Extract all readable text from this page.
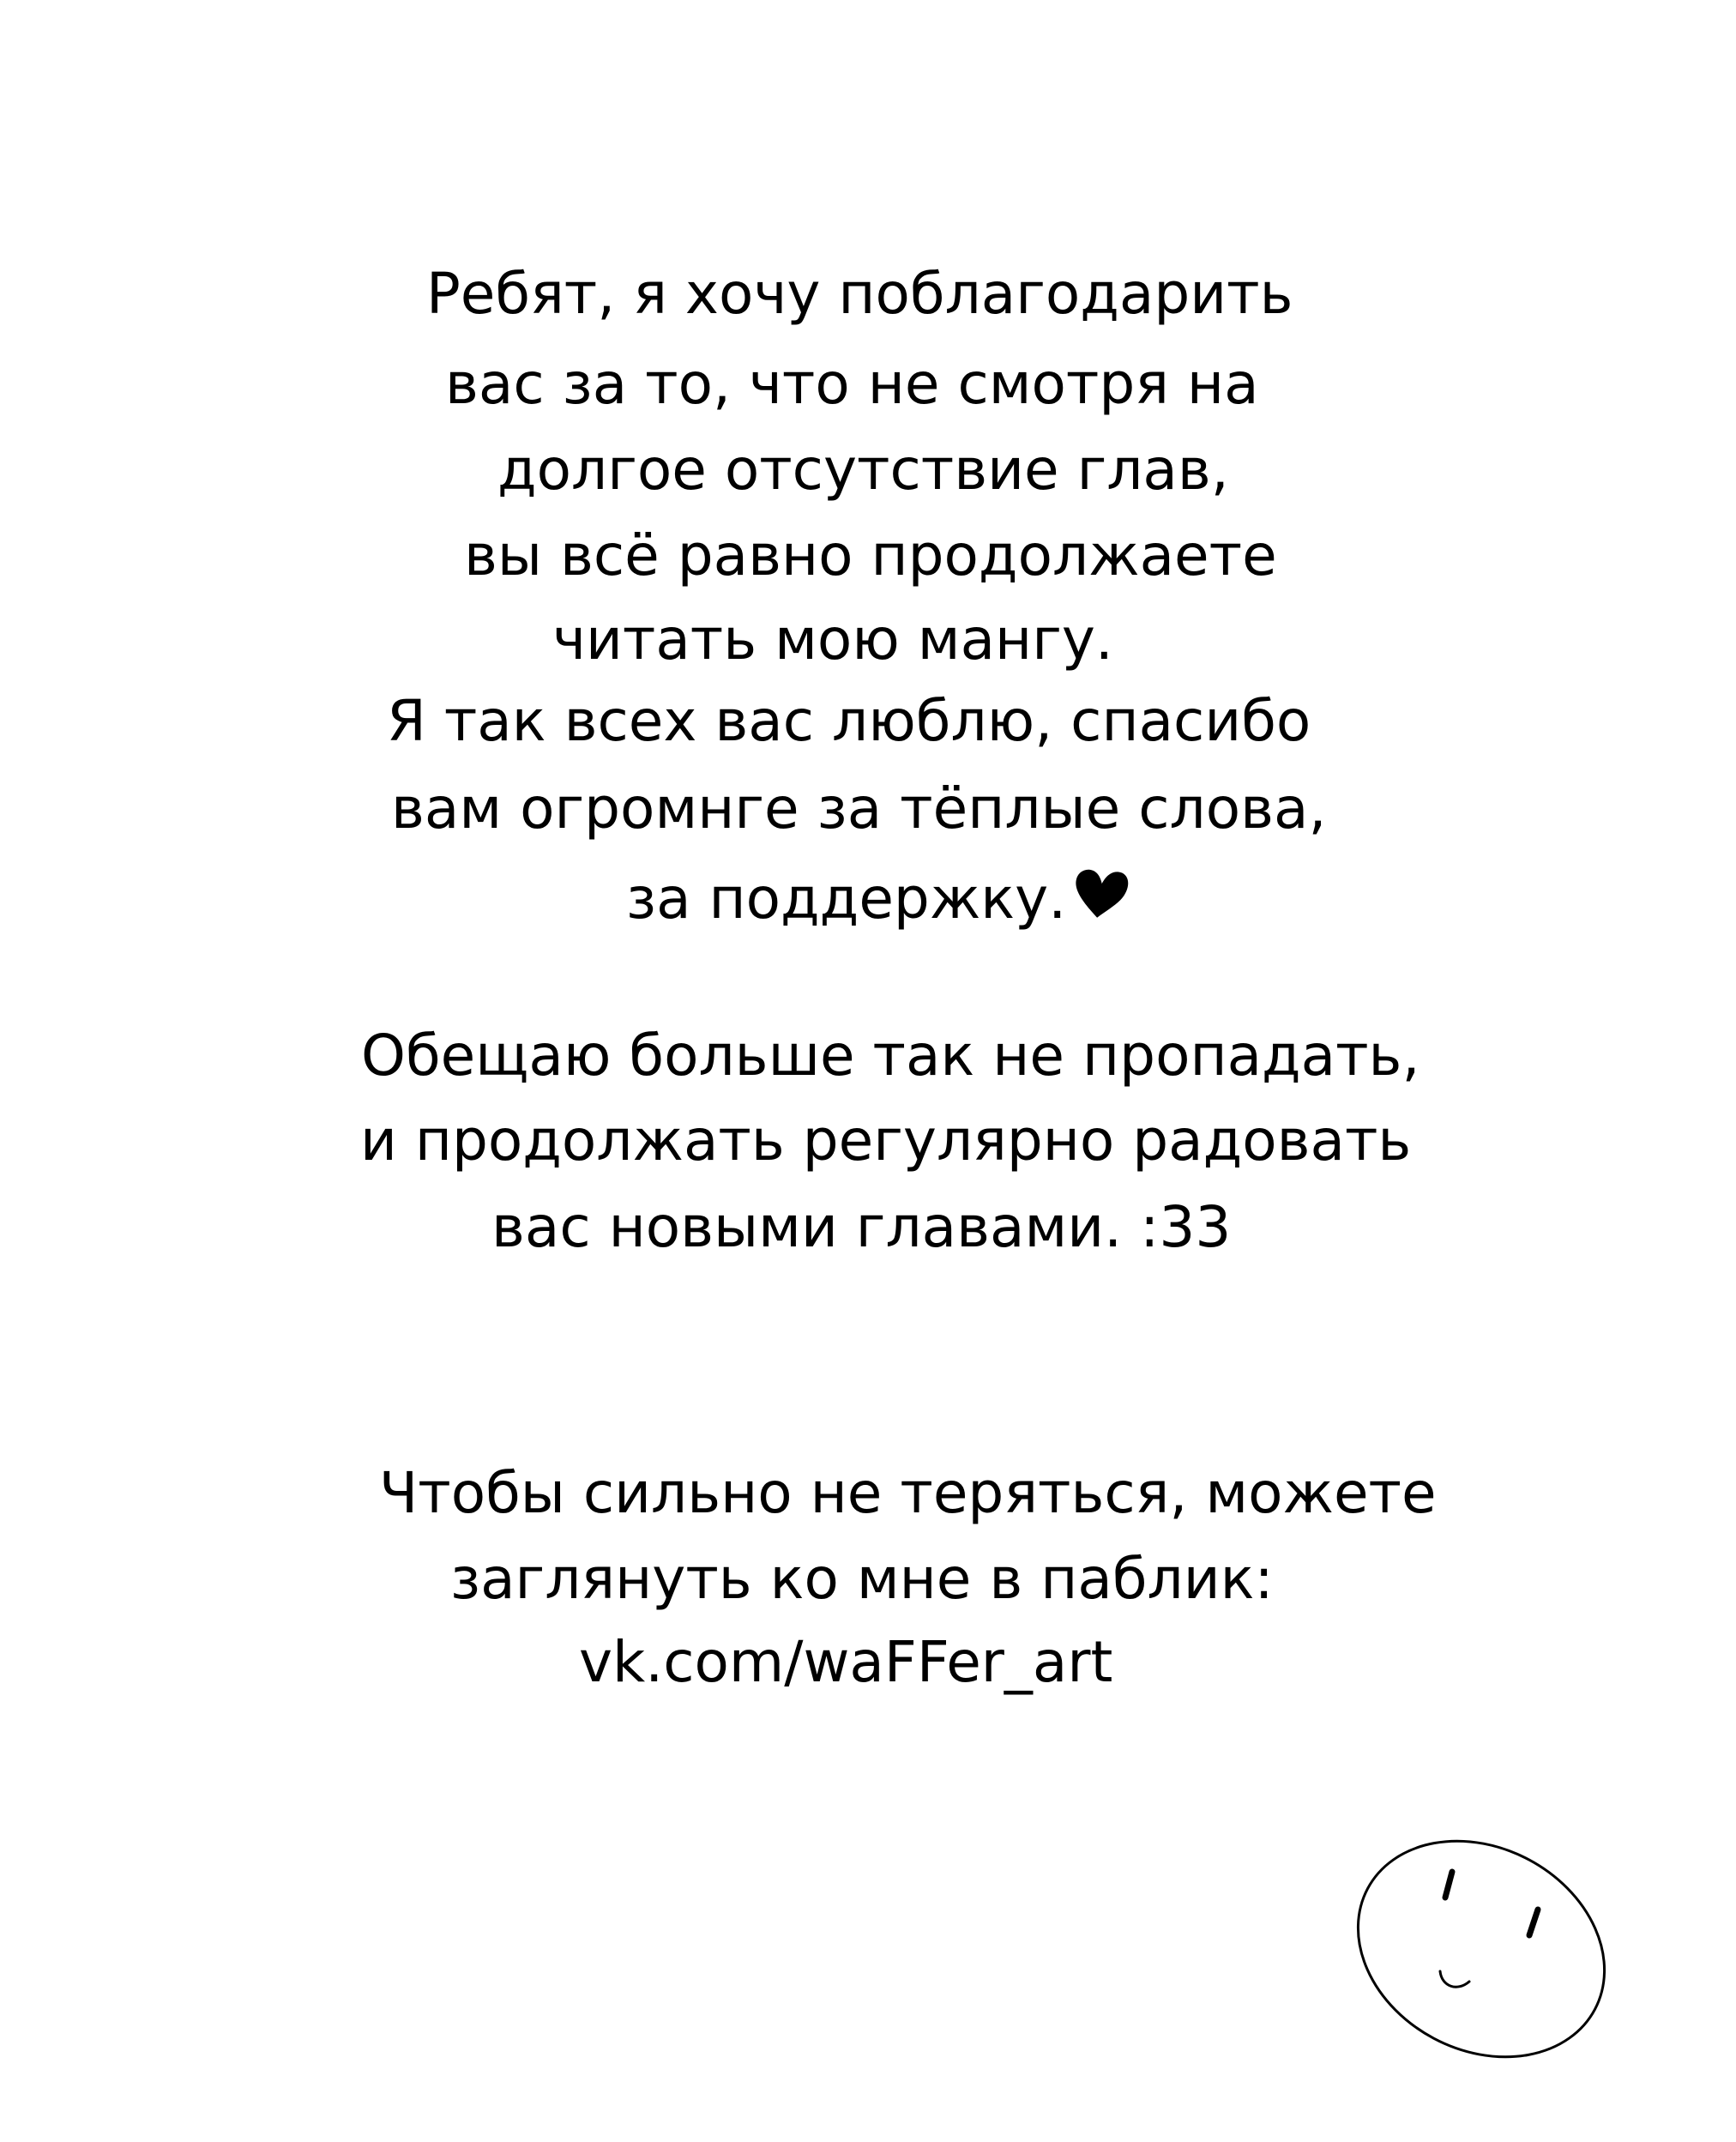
Ребят, я хочу поблагодарить
вас за то, что не смотря на
долгое отсутствие глав,
вы всё равно продолжаете
читать мою мангу.
Я так всех вас люблю, спасибо
вам огромнге за тёплые слова,
за поддержку.
Обещаю больше так не пропадать,
и продолжать регулярно радовать
вас новыми главами. :33
Чтобы сильно не теряться, можете
заглянуть ко мне в паблик:
vk.com/waFFer_art
